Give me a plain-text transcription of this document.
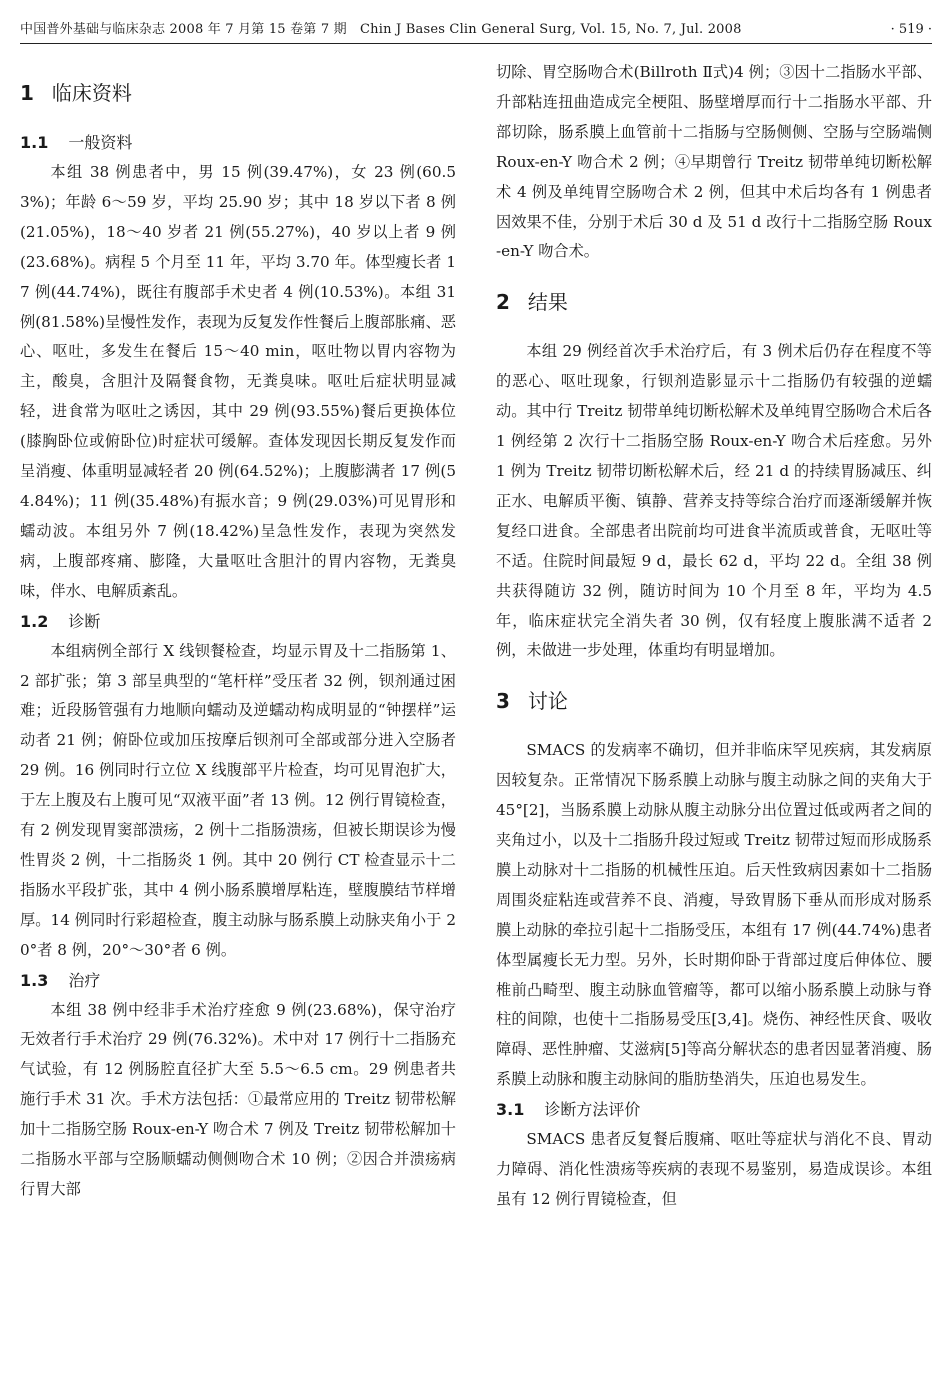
中国普外基础与临床杂志 2008 年 7 月第 15 卷第 7 期　Chin J Bases Clin General Surg, Vol. 15, No. 7, Jul. 2008	· 519 ·
1 临床资料
1.1 一般资料

本组 38 例患者中，男 15 例(39.47%)，女 23 例(60.53%)；年龄 6～59 岁，平均 25.90 岁；其中 18 岁以下者 8 例(21.05%)，18～40 岁者 21 例(55.27%)，40 岁以上者 9 例(23.68%)。病程 5 个月至 11 年，平均 3.70 年。体型瘦长者 17 例(44.74%)，既往有腹部手术史者 4 例(10.53%)。本组 31 例(81.58%)呈慢性发作，表现为反复发作性餐后上腹部胀痛、恶心、呕吐，多发生在餐后 15～40 min，呕吐物以胃内容物为主，酸臭，含胆汁及隔餐食物，无粪臭味。呕吐后症状明显减轻，进食常为呕吐之诱因，其中 29 例(93.55%)餐后更换体位(膝胸卧位或俯卧位)时症状可缓解。查体发现因长期反复发作而呈消瘦、体重明显减轻者 20 例(64.52%)；上腹膨满者 17 例(54.84%)；11 例(35.48%)有振水音；9 例(29.03%)可见胃形和蠕动波。本组另外 7 例(18.42%)呈急性发作，表现为突然发病，上腹部疼痛、膨隆，大量呕吐含胆汁的胃内容物，无粪臭味，伴水、电解质紊乱。

1.2 诊断

本组病例全部行 X 线钡餐检查，均显示胃及十二指肠第 1、2 部扩张；第 3 部呈典型的“笔杆样”受压者 32 例，钡剂通过困难；近段肠管强有力地顺向蠕动及逆蠕动构成明显的“钟摆样”运动者 21 例；俯卧位或加压按摩后钡剂可全部或部分进入空肠者 29 例。16 例同时行立位 X 线腹部平片检查，均可见胃泡扩大，于左上腹及右上腹可见“双液平面”者 13 例。12 例行胃镜检查，有 2 例发现胃窦部溃疡，2 例十二指肠溃疡，但被长期误诊为慢性胃炎 2 例，十二指肠炎 1 例。其中 20 例行 CT 检查显示十二指肠水平段扩张，其中 4 例小肠系膜增厚粘连，壁腹膜结节样增厚。14 例同时行彩超检查，腹主动脉与肠系膜上动脉夹角小于 20°者 8 例，20°～30°者 6 例。

1.3 治疗

本组 38 例中经非手术治疗痊愈 9 例(23.68%)，保守治疗无效者行手术治疗 29 例(76.32%)。术中对 17 例行十二指肠充气试验，有 12 例肠腔直径扩大至 5.5～6.5 cm。29 例患者共施行手术 31 次。手术方法包括：①最常应用的 Treitz 韧带松解加十二指肠空肠 Roux-en-Y 吻合术 7 例及 Treitz 韧带松解加十二指肠水平部与空肠顺蠕动侧侧吻合术 10 例；②因合并溃疡病行胃大部

切除、胃空肠吻合术(Billroth Ⅱ式)4 例；③因十二指肠水平部、升部粘连扭曲造成完全梗阻、肠壁增厚而行十二指肠水平部、升部切除，肠系膜上血管前十二指肠与空肠侧侧、空肠与空肠端侧 Roux-en-Y 吻合术 2 例；④早期曾行 Treitz 韧带单纯切断松解术 4 例及单纯胃空肠吻合术 2 例，但其中术后均各有 1 例患者因效果不佳，分别于术后 30 d 及 51 d 改行十二指肠空肠 Roux-en-Y 吻合术。

2 结果

本组 29 例经首次手术治疗后，有 3 例术后仍存在程度不等的恶心、呕吐现象，行钡剂造影显示十二指肠仍有较强的逆蠕动。其中行 Treitz 韧带单纯切断松解术及单纯胃空肠吻合术后各 1 例经第 2 次行十二指肠空肠 Roux-en-Y 吻合术后痊愈。另外 1 例为 Treitz 韧带切断松解术后，经 21 d 的持续胃肠减压、纠正水、电解质平衡、镇静、营养支持等综合治疗而逐渐缓解并恢复经口进食。全部患者出院前均可进食半流质或普食，无呕吐等不适。住院时间最短 9 d，最长 62 d，平均 22 d。全组 38 例共获得随访 32 例，随访时间为 10 个月至 8 年，平均为 4.5 年，临床症状完全消失者 30 例，仅有轻度上腹胀满不适者 2 例，未做进一步处理，体重均有明显增加。

3 讨论

SMACS 的发病率不确切，但并非临床罕见疾病，其发病原因较复杂。正常情况下肠系膜上动脉与腹主动脉之间的夹角大于 45°[2]，当肠系膜上动脉从腹主动脉分出位置过低或两者之间的夹角过小，以及十二指肠升段过短或 Treitz 韧带过短而形成肠系膜上动脉对十二指肠的机械性压迫。后天性致病因素如十二指肠周围炎症粘连或营养不良、消瘦，导致胃肠下垂从而形成对肠系膜上动脉的牵拉引起十二指肠受压，本组有 17 例(44.74%)患者体型属瘦长无力型。另外，长时期仰卧于背部过度后伸体位、腰椎前凸畸型、腹主动脉血管瘤等，都可以缩小肠系膜上动脉与脊柱的间隙，也使十二指肠易受压[3,4]。烧伤、神经性厌食、吸收障碍、恶性肿瘤、艾滋病[5]等高分解状态的患者因显著消瘦、肠系膜上动脉和腹主动脉间的脂肪垫消失，压迫也易发生。

3.1 诊断方法评价

SMACS 患者反复餐后腹痛、呕吐等症状与消化不良、胃动力障碍、消化性溃疡等疾病的表现不易鉴别，易造成误诊。本组虽有 12 例行胃镜检查，但
